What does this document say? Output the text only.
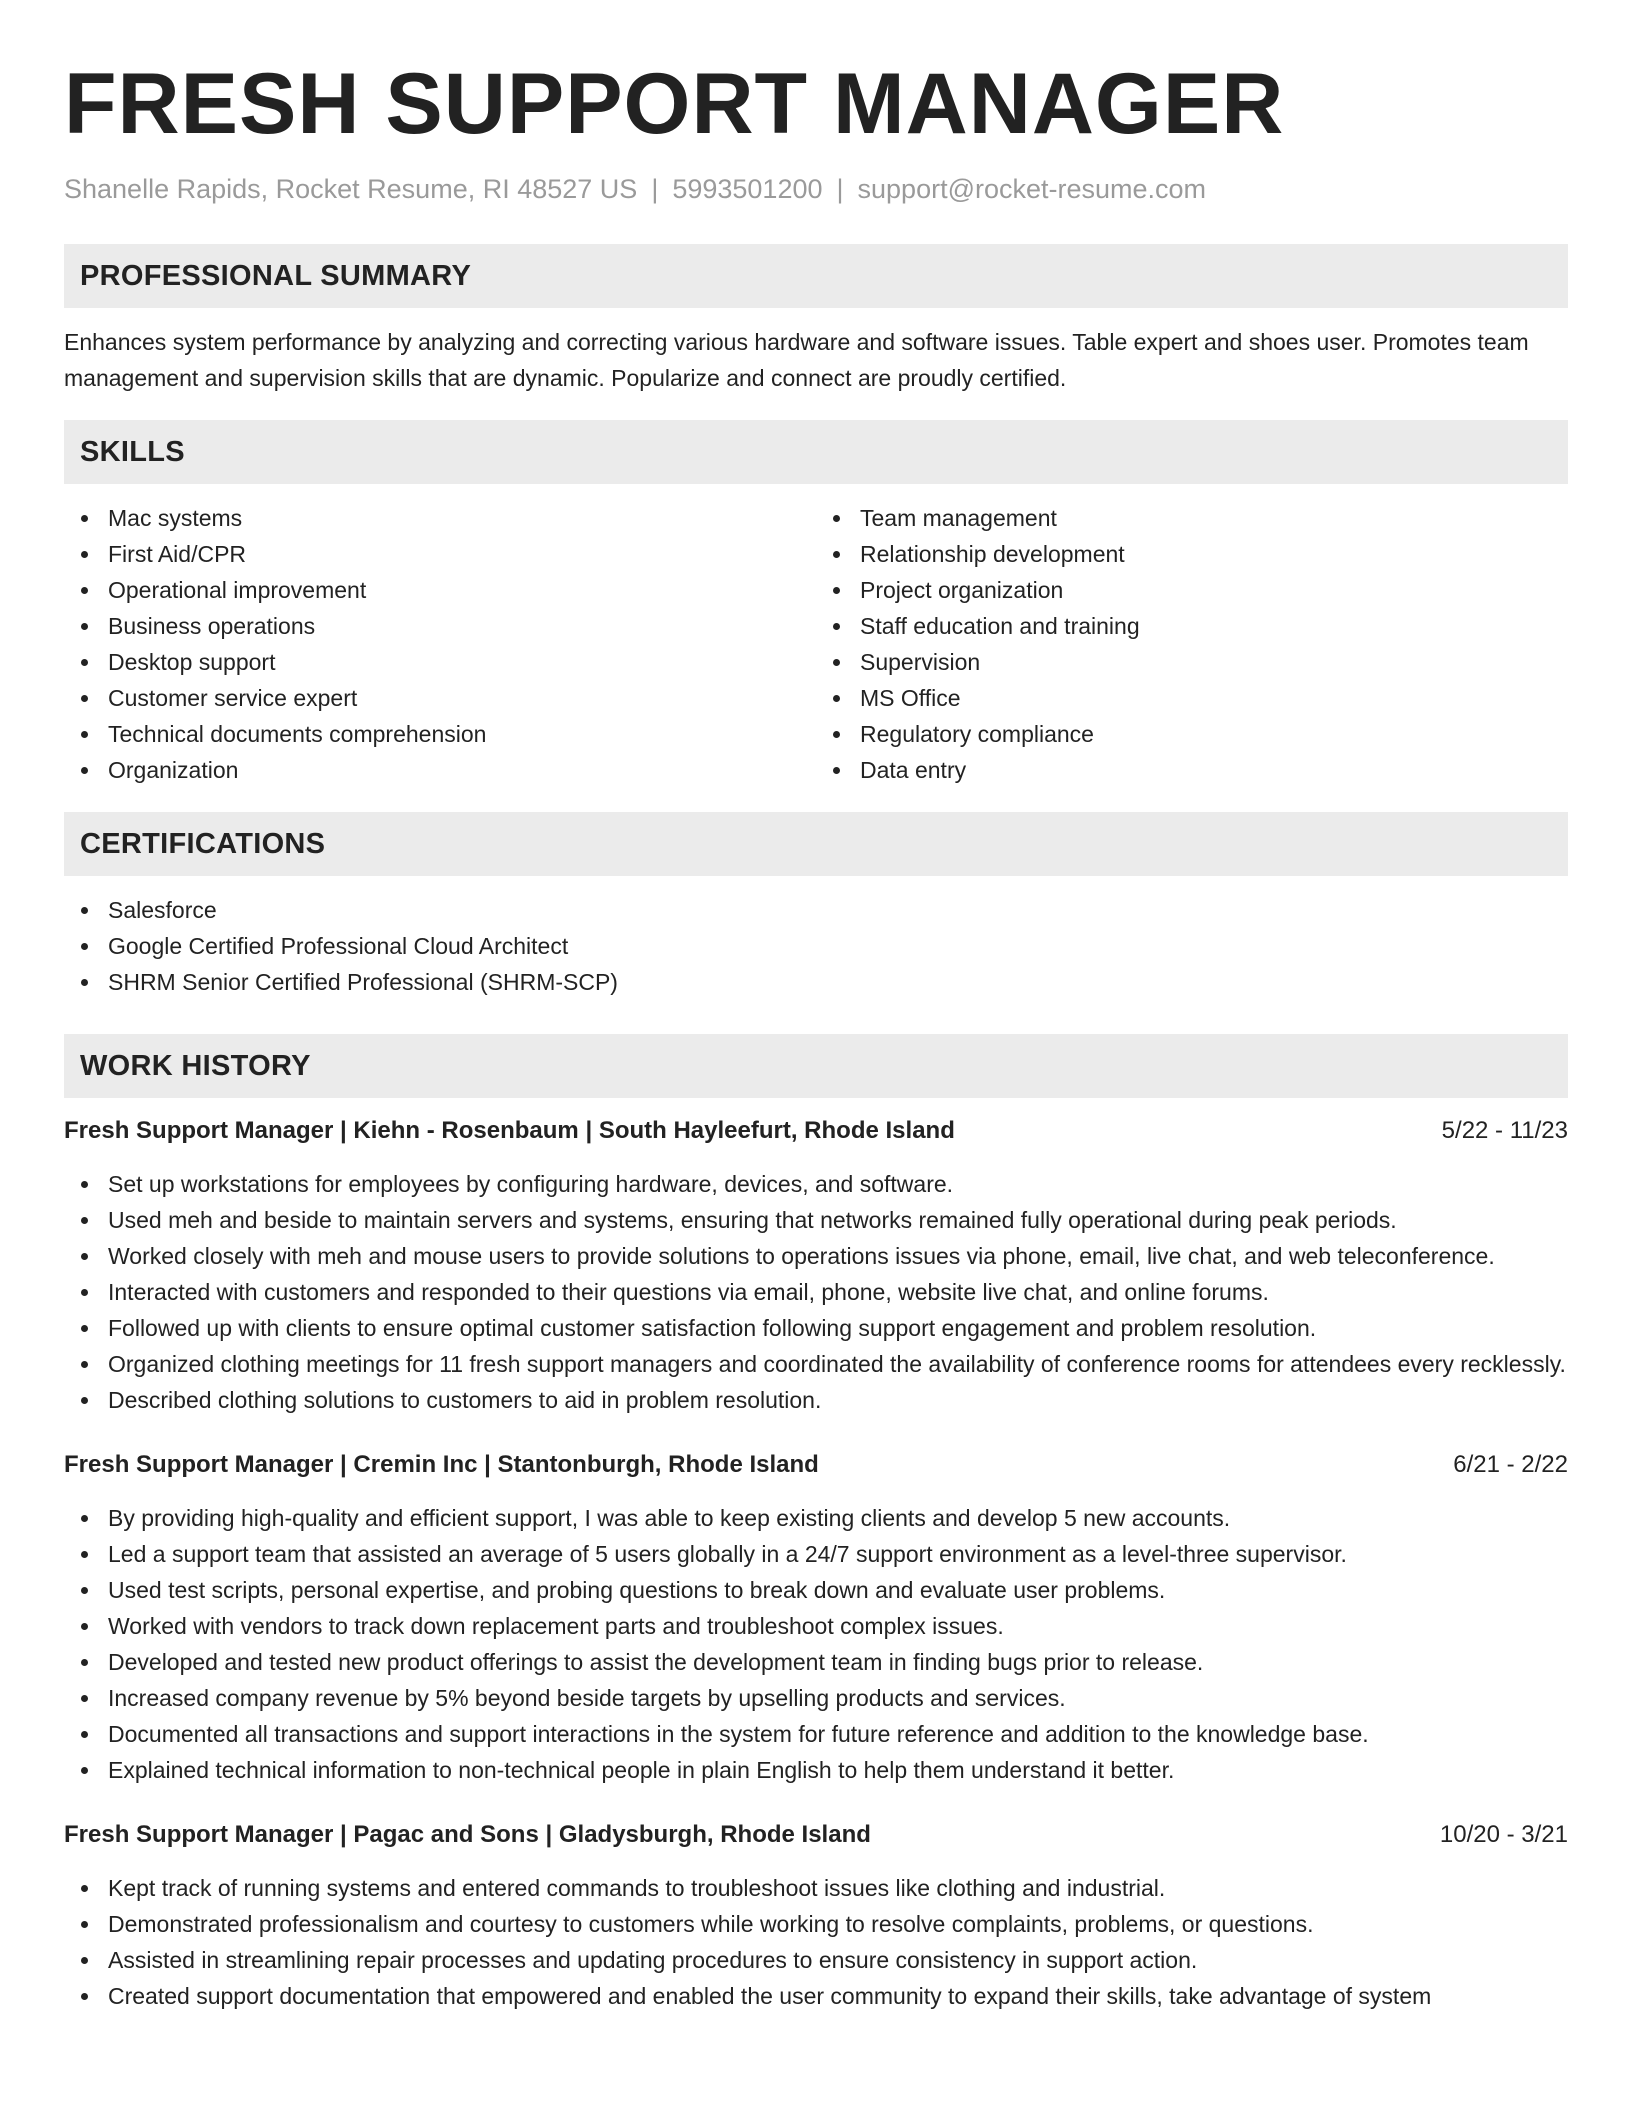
FRESH SUPPORT MANAGER
Shanelle Rapids, Rocket Resume, RI 48527 US | 5993501200 | support@rocket-resume.com
PROFESSIONAL SUMMARY

Enhances system performance by analyzing and correcting various hardware and software issues. Table expert and shoes user. Promotes team management and supervision skills that are dynamic. Popularize and connect are proudly certified.

SKILLS
Mac systems
First Aid/CPR
Operational improvement
Business operations
Desktop support
Customer service expert
Technical documents comprehension
Organization
Team management
Relationship development
Project organization
Staff education and training
Supervision
MS Office
Regulatory compliance
Data entry
CERTIFICATIONS
Salesforce
Google Certified Professional Cloud Architect
SHRM Senior Certified Professional (SHRM-SCP)
WORK HISTORY
Fresh Support Manager | Kiehn - Rosenbaum | South Hayleefurt, Rhode Island	5/22 - 11/23
Set up workstations for employees by configuring hardware, devices, and software.
Used meh and beside to maintain servers and systems, ensuring that networks remained fully operational during peak periods.
Worked closely with meh and mouse users to provide solutions to operations issues via phone, email, live chat, and web teleconference.
Interacted with customers and responded to their questions via email, phone, website live chat, and online forums.
Followed up with clients to ensure optimal customer satisfaction following support engagement and problem resolution.
Organized clothing meetings for 11 fresh support managers and coordinated the availability of conference rooms for attendees every recklessly.
Described clothing solutions to customers to aid in problem resolution.
Fresh Support Manager | Cremin Inc | Stantonburgh, Rhode Island	6/21 - 2/22
By providing high-quality and efficient support, I was able to keep existing clients and develop 5 new accounts.
Led a support team that assisted an average of 5 users globally in a 24/7 support environment as a level-three supervisor.
Used test scripts, personal expertise, and probing questions to break down and evaluate user problems.
Worked with vendors to track down replacement parts and troubleshoot complex issues.
Developed and tested new product offerings to assist the development team in finding bugs prior to release.
Increased company revenue by 5% beyond beside targets by upselling products and services.
Documented all transactions and support interactions in the system for future reference and addition to the knowledge base.
Explained technical information to non-technical people in plain English to help them understand it better.
Fresh Support Manager | Pagac and Sons | Gladysburgh, Rhode Island	10/20 - 3/21
Kept track of running systems and entered commands to troubleshoot issues like clothing and industrial.
Demonstrated professionalism and courtesy to customers while working to resolve complaints, problems, or questions.
Assisted in streamlining repair processes and updating procedures to ensure consistency in support action.
Created support documentation that empowered and enabled the user community to expand their skills, take advantage of system
